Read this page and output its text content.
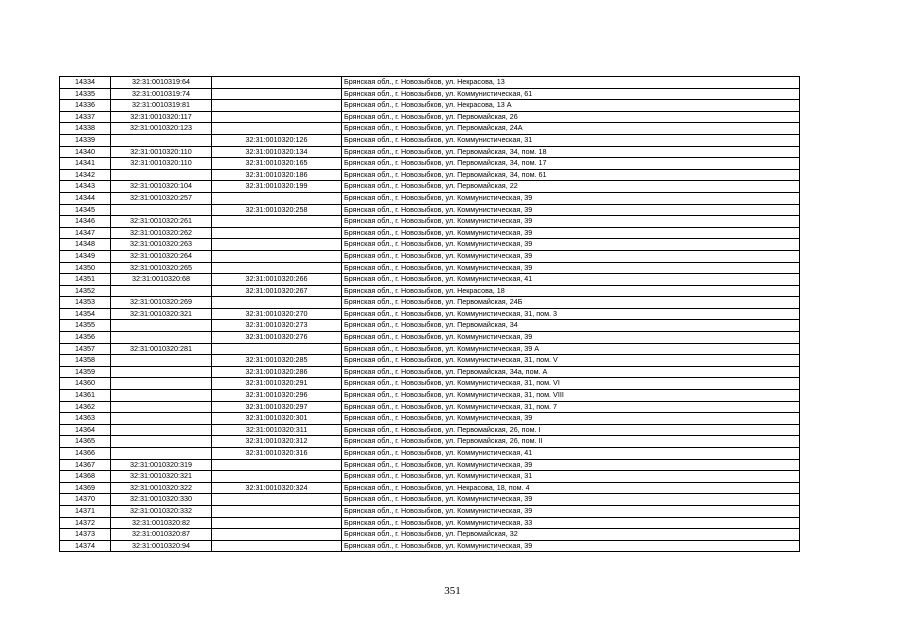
14334	32:31:0010319:64		Брянская обл., г. Новозыбков, ул. Некрасова, 13
14335	32:31:0010319:74		Брянская обл., г. Новозыбков, ул. Коммунистическая, 61
14336	32:31:0010319:81		Брянская обл., г. Новозыбков, ул. Некрасова, 13 А
14337	32:31:0010320:117		Брянская обл., г. Новозыбков, ул. Первомайская, 26
14338	32:31:0010320:123		Брянская обл., г. Новозыбков, ул. Первомайская, 24А
14339		32:31:0010320:126	Брянская обл., г. Новозыбков, ул. Коммунистическая, 31
14340	32:31:0010320:110	32:31:0010320:134	Брянская обл., г. Новозыбков, ул. Первомайская, 34, пом. 18
14341	32:31:0010320:110	32:31:0010320:165	Брянская обл., г. Новозыбков, ул. Первомайская, 34, пом. 17
14342		32:31:0010320:186	Брянская обл., г. Новозыбков, ул. Первомайская, 34, пом. 61
14343	32:31:0010320:104	32:31:0010320:199	Брянская обл., г. Новозыбков, ул. Первомайская, 22
14344	32:31:0010320:257		Брянская обл., г. Новозыбков, ул. Коммунистическая, 39
14345		32:31:0010320:258	Брянская обл., г. Новозыбков, ул. Коммунистическая, 39
14346	32:31:0010320:261		Брянская обл., г. Новозыбков, ул. Коммунистическая, 39
14347	32:31:0010320:262		Брянская обл., г. Новозыбков, ул. Коммунистическая, 39
14348	32:31:0010320:263		Брянская обл., г. Новозыбков, ул. Коммунистическая, 39
14349	32:31:0010320:264		Брянская обл., г. Новозыбков, ул. Коммунистическая, 39
14350	32:31:0010320:265		Брянская обл., г. Новозыбков, ул. Коммунистическая, 39
14351	32:31:0010320:68	32:31:0010320:266	Брянская обл., г. Новозыбков, ул. Коммунистическая, 41
14352		32:31:0010320:267	Брянская обл., г. Новозыбков, ул. Некрасова, 18
14353	32:31:0010320:269		Брянская обл., г. Новозыбков, ул. Первомайская, 24Б
14354	32:31:0010320:321	32:31:0010320:270	Брянская обл., г. Новозыбков, ул. Коммунистическая, 31, пом. 3
14355		32:31:0010320:273	Брянская обл., г. Новозыбков, ул. Первомайская, 34
14356		32:31:0010320:276	Брянская обл., г. Новозыбков, ул. Коммунистическая, 39
14357	32:31:0010320:281		Брянская обл., г. Новозыбков, ул. Коммунистическая, 39 А
14358		32:31:0010320:285	Брянская обл., г. Новозыбков, ул. Коммунистическая, 31, пом. V
14359		32:31:0010320:286	Брянская обл., г. Новозыбков, ул. Первомайская, 34а, пом. А
14360		32:31:0010320:291	Брянская обл., г. Новозыбков, ул. Коммунистическая, 31, пом. VI
14361		32:31:0010320:296	Брянская обл., г. Новозыбков, ул. Коммунистическая, 31, пом. VIII
14362		32:31:0010320:297	Брянская обл., г. Новозыбков, ул. Коммунистическая, 31, пом. 7
14363		32:31:0010320:301	Брянская обл., г. Новозыбков, ул. Коммунистическая, 39
14364		32:31:0010320:311	Брянская обл., г. Новозыбков, ул. Первомайская, 26, пом. I
14365		32:31:0010320:312	Брянская обл., г. Новозыбков, ул. Первомайская, 26, пом. II
14366		32:31:0010320:316	Брянская обл., г. Новозыбков, ул. Коммунистическая, 41
14367	32:31:0010320:319		Брянская обл., г. Новозыбков, ул. Коммунистическая, 39
14368	32:31:0010320:321		Брянская обл., г. Новозыбков, ул. Коммунистическая, 31
14369	32:31:0010320:322	32:31:0010320:324	Брянская обл., г. Новозыбков, ул. Некрасова, 18, пом. 4
14370	32:31:0010320:330		Брянская обл., г. Новозыбков, ул. Коммунистическая, 39
14371	32:31:0010320:332		Брянская обл., г. Новозыбков, ул. Коммунистическая, 39
14372	32:31:0010320:82		Брянская обл., г. Новозыбков, ул. Коммунистическая, 33
14373	32:31:0010320:87		Брянская обл., г. Новозыбков, ул. Первомайская, 32
14374	32:31:0010320:94		Брянская обл., г. Новозыбков, ул. Коммунистическая, 39
351
